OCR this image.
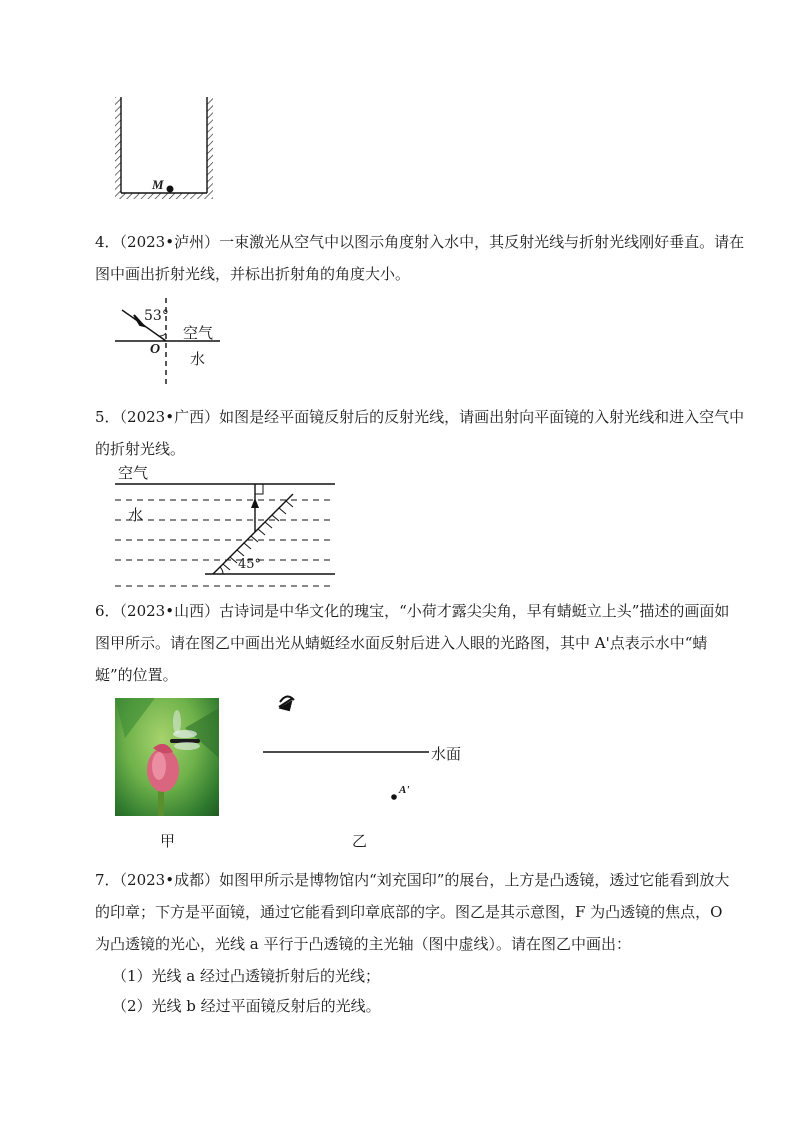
M
4．（2023•泸州）一束激光从空气中以图示角度射入水中，其反射光线与折射光线刚好垂直。请在
图中画出折射光线，并标出折射角的角度大小。
53°
空气
O
水
5．（2023•广西）如图是经平面镜反射后的反射光线，请画出射向平面镜的入射光线和进入空气中
的折射光线。
空气
水
45°
6．（2023•山西）古诗词是中华文化的瑰宝，“小荷才露尖尖角，早有蜻蜓立上头”描述的画面如
图甲所示。请在图乙中画出光从蜻蜓经水面反射后进入人眼的光路图，其中 A'点表示水中“蜻
蜓”的位置。
甲
水面
A'
乙
7．（2023•成都）如图甲所示是博物馆内“刘充国印”的展台，上方是凸透镜，透过它能看到放大
的印章；下方是平面镜，通过它能看到印章底部的字。图乙是其示意图，F 为凸透镜的焦点，O
为凸透镜的光心，光线 a 平行于凸透镜的主光轴（图中虚线）。请在图乙中画出：
（1）光线 a 经过凸透镜折射后的光线；
（2）光线 b 经过平面镜反射后的光线。
